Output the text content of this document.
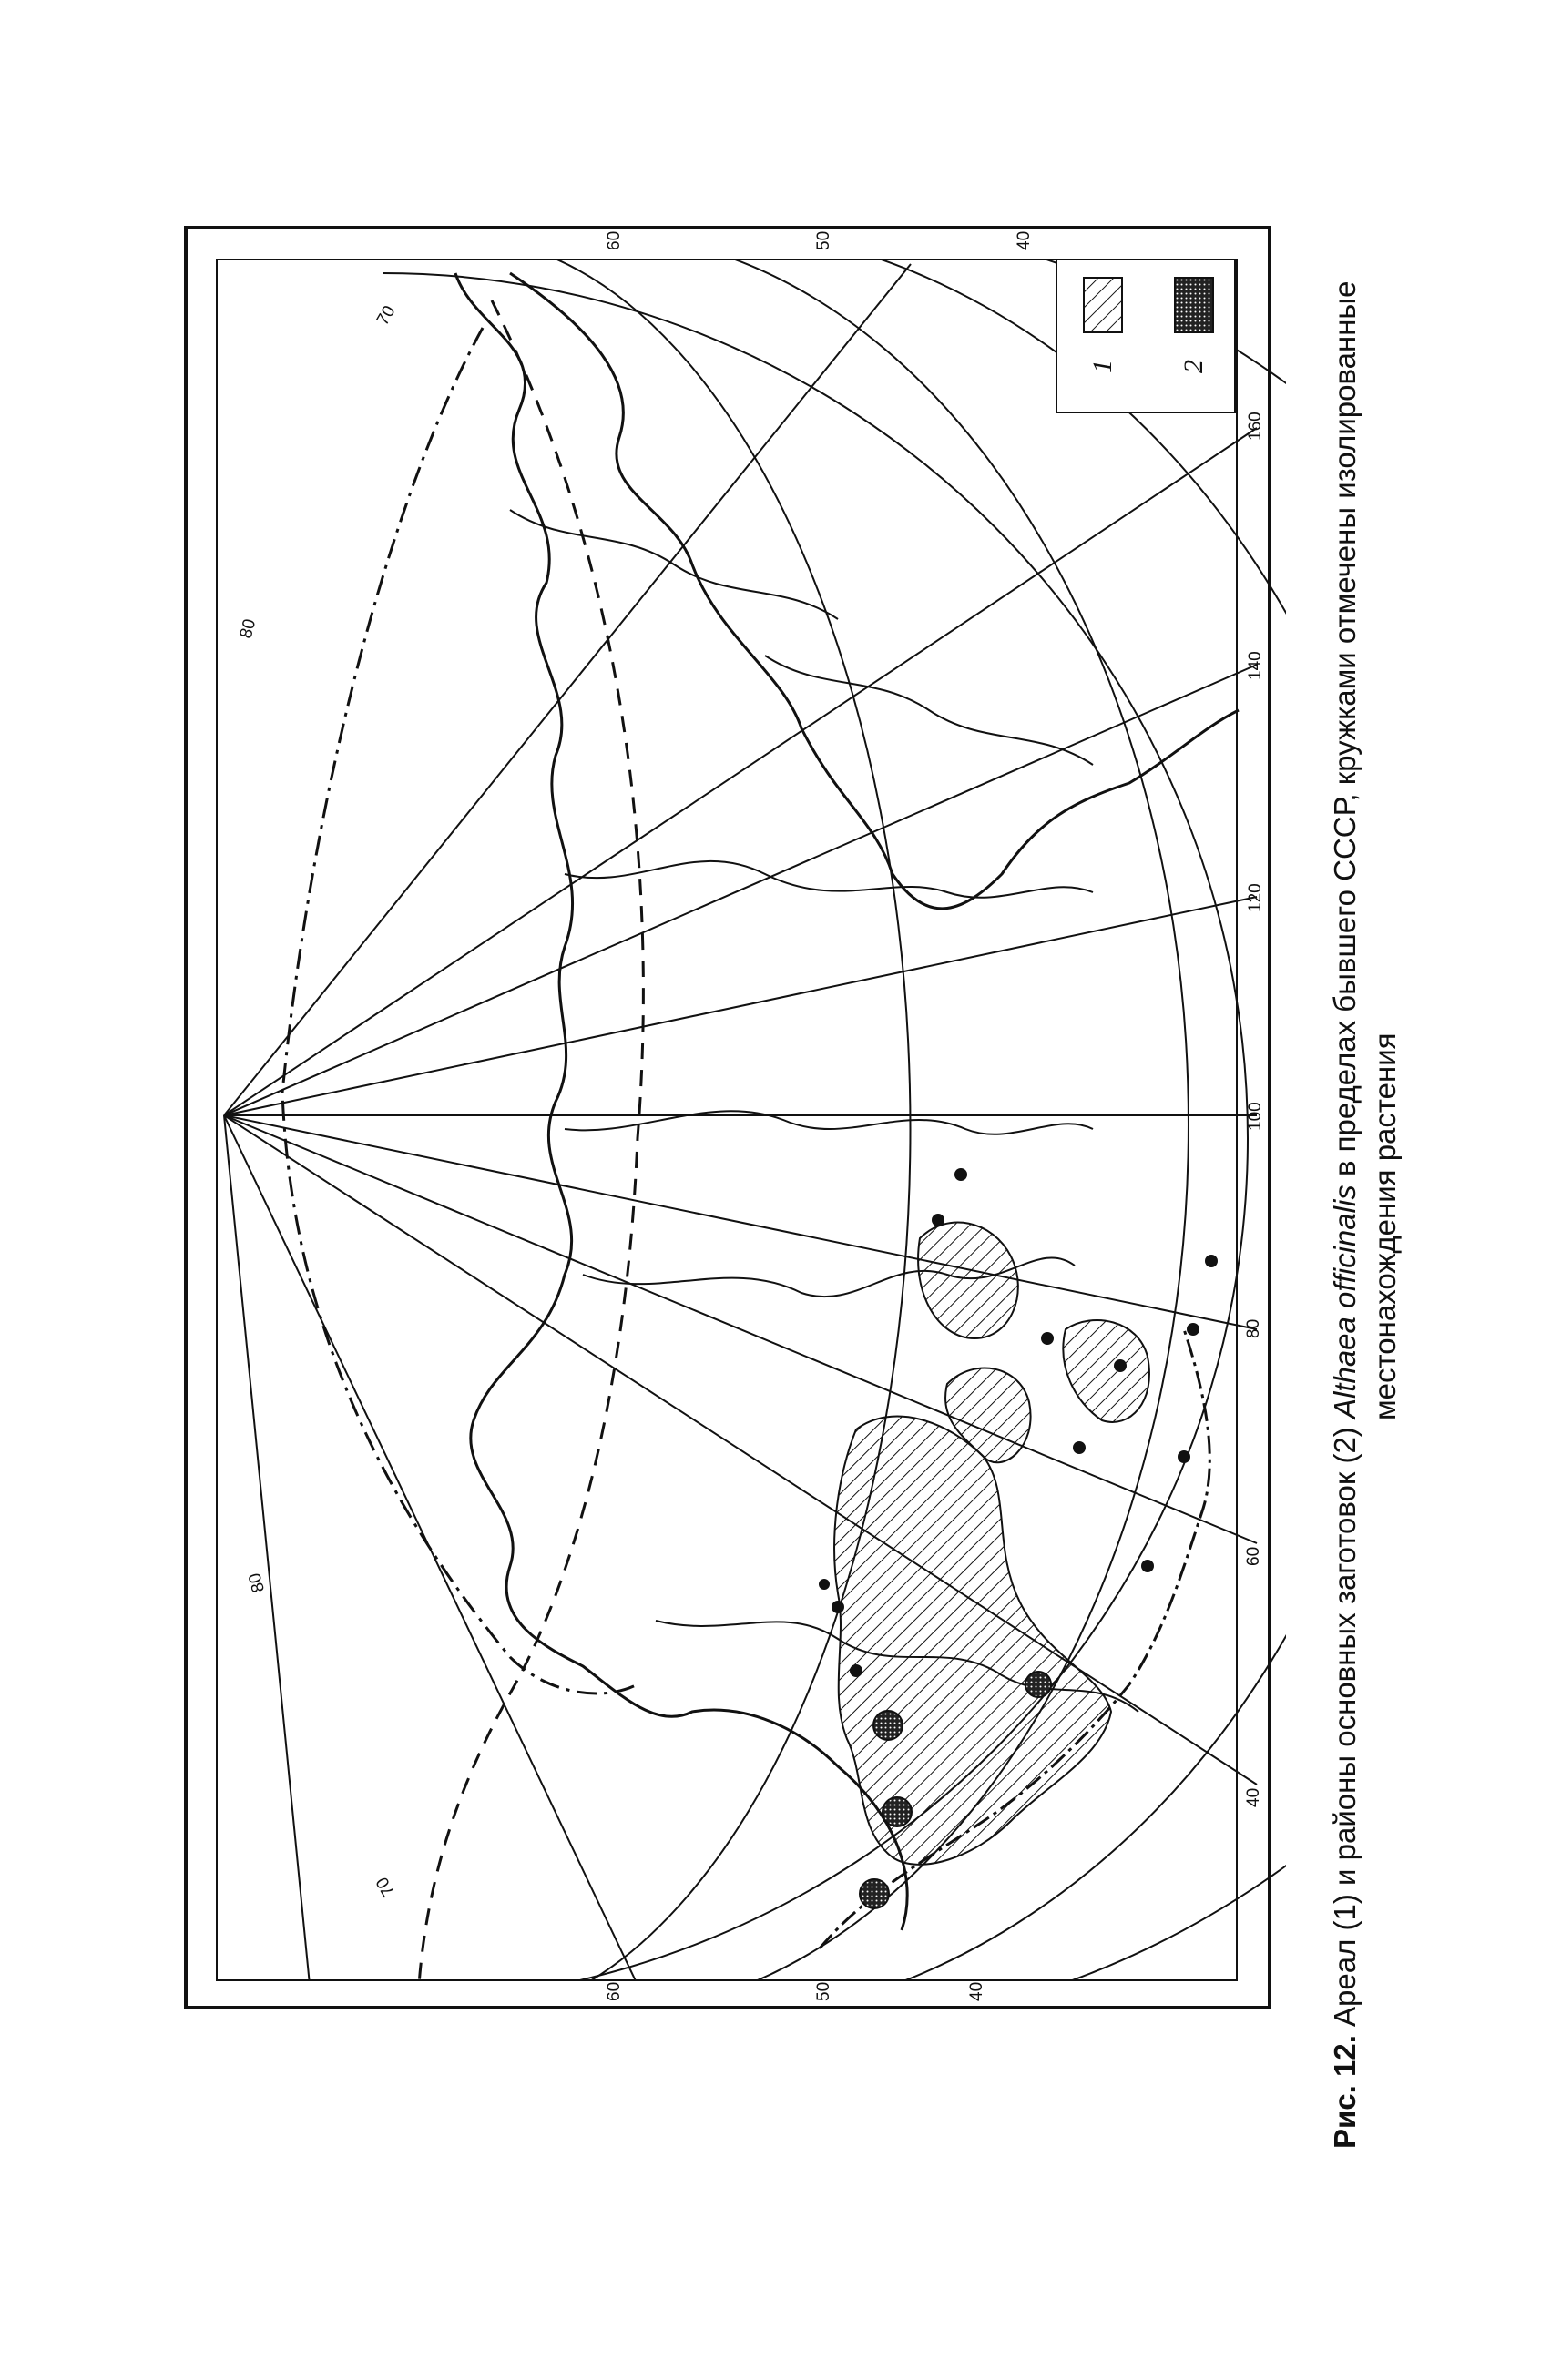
1 2
40
60
80
100
120
140
160
60	50	40
60	50	40
70
80
80
70
Рис. 12. Ареал (1) и районы основных заготовок (2) Althaea officinalis в пределах бывшего СССР, кружками отмечены изолированные
местонахождения растения
